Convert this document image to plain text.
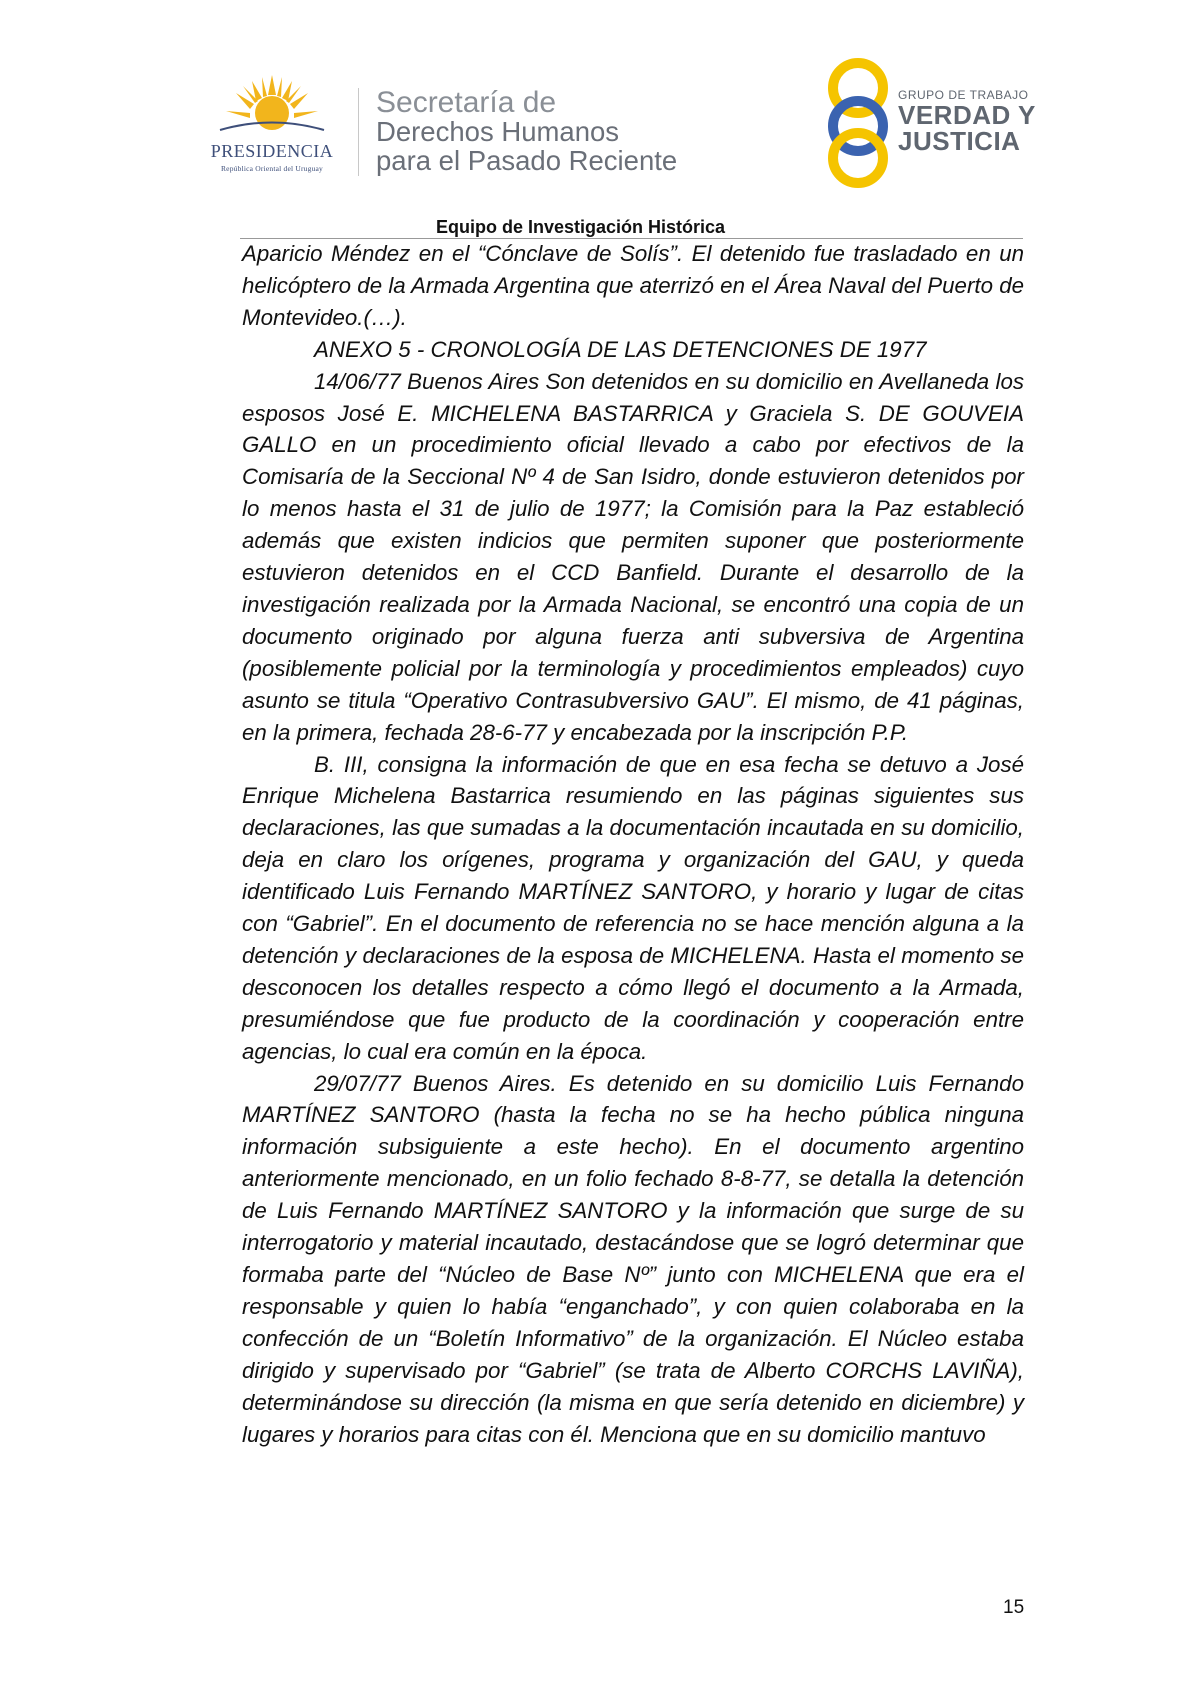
PRESIDENCIA
República Oriental del Uruguay
Secretaría de
Derechos Humanos
para el Pasado Reciente
GRUPO DE TRABAJO
VERDAD Y
JUSTICIA
Equipo de Investigación Histórica

Aparicio Méndez en el “Cónclave de Solís”. El detenido fue trasladado en un helicóptero de la Armada Argentina que aterrizó en el Área Naval del Puerto de Montevideo.(…).

ANEXO 5 - CRONOLOGÍA DE LAS DETENCIONES DE 1977

14/06/77 Buenos Aires Son detenidos en su domicilio en Avellaneda los esposos José E. MICHELENA BASTARRICA y Graciela S. DE GOUVEIA GALLO en un procedimiento oficial llevado a cabo por efectivos de la Comisaría de la Seccional Nº 4 de San Isidro, donde estuvieron detenidos por lo menos hasta el 31 de julio de 1977; la Comisión para la Paz estableció además que existen indicios que permiten suponer que posteriormente estuvieron detenidos en el CCD Banfield. Durante el desarrollo de la investigación realizada por la Armada Nacional, se encontró una copia de un documento originado por alguna fuerza anti subversiva de Argentina (posiblemente policial por la terminología y procedimientos empleados) cuyo asunto se titula “Operativo Contrasubversivo GAU”. El mismo, de 41 páginas, en la primera, fechada 28-6-77 y encabezada por la inscripción P.P.

B. III, consigna la información de que en esa fecha se detuvo a José Enrique Michelena Bastarrica resumiendo en las páginas siguientes sus declaraciones, las que sumadas a la documentación incautada en su domicilio, deja en claro los orígenes, programa y organización del GAU, y queda identificado Luis Fernando MARTÍNEZ SANTORO, y horario y lugar de citas con “Gabriel”. En el documento de referencia no se hace mención alguna a la detención y declaraciones de la esposa de MICHELENA. Hasta el momento se desconocen los detalles respecto a cómo llegó el documento a la Armada, presumiéndose que fue producto de la coordinación y cooperación entre agencias, lo cual era común en la época.

29/07/77 Buenos Aires. Es detenido en su domicilio Luis Fernando MARTÍNEZ SANTORO (hasta la fecha no se ha hecho pública ninguna información subsiguiente a este hecho). En el documento argentino anteriormente mencionado, en un folio fechado 8-8-77, se detalla la detención de Luis Fernando MARTÍNEZ SANTORO y la información que surge de su interrogatorio y material incautado, destacándose que se logró determinar que formaba parte del “Núcleo de Base Nº” junto con MICHELENA que era el responsable y quien lo había “enganchado”, y con quien colaboraba en la confección de un “Boletín Informativo” de la organización. El Núcleo estaba dirigido y supervisado por “Gabriel” (se trata de Alberto CORCHS LAVIÑA), determinándose su dirección (la misma en que sería detenido en diciembre) y lugares y horarios para citas con él. Menciona que en su domicilio mantuvo

15
